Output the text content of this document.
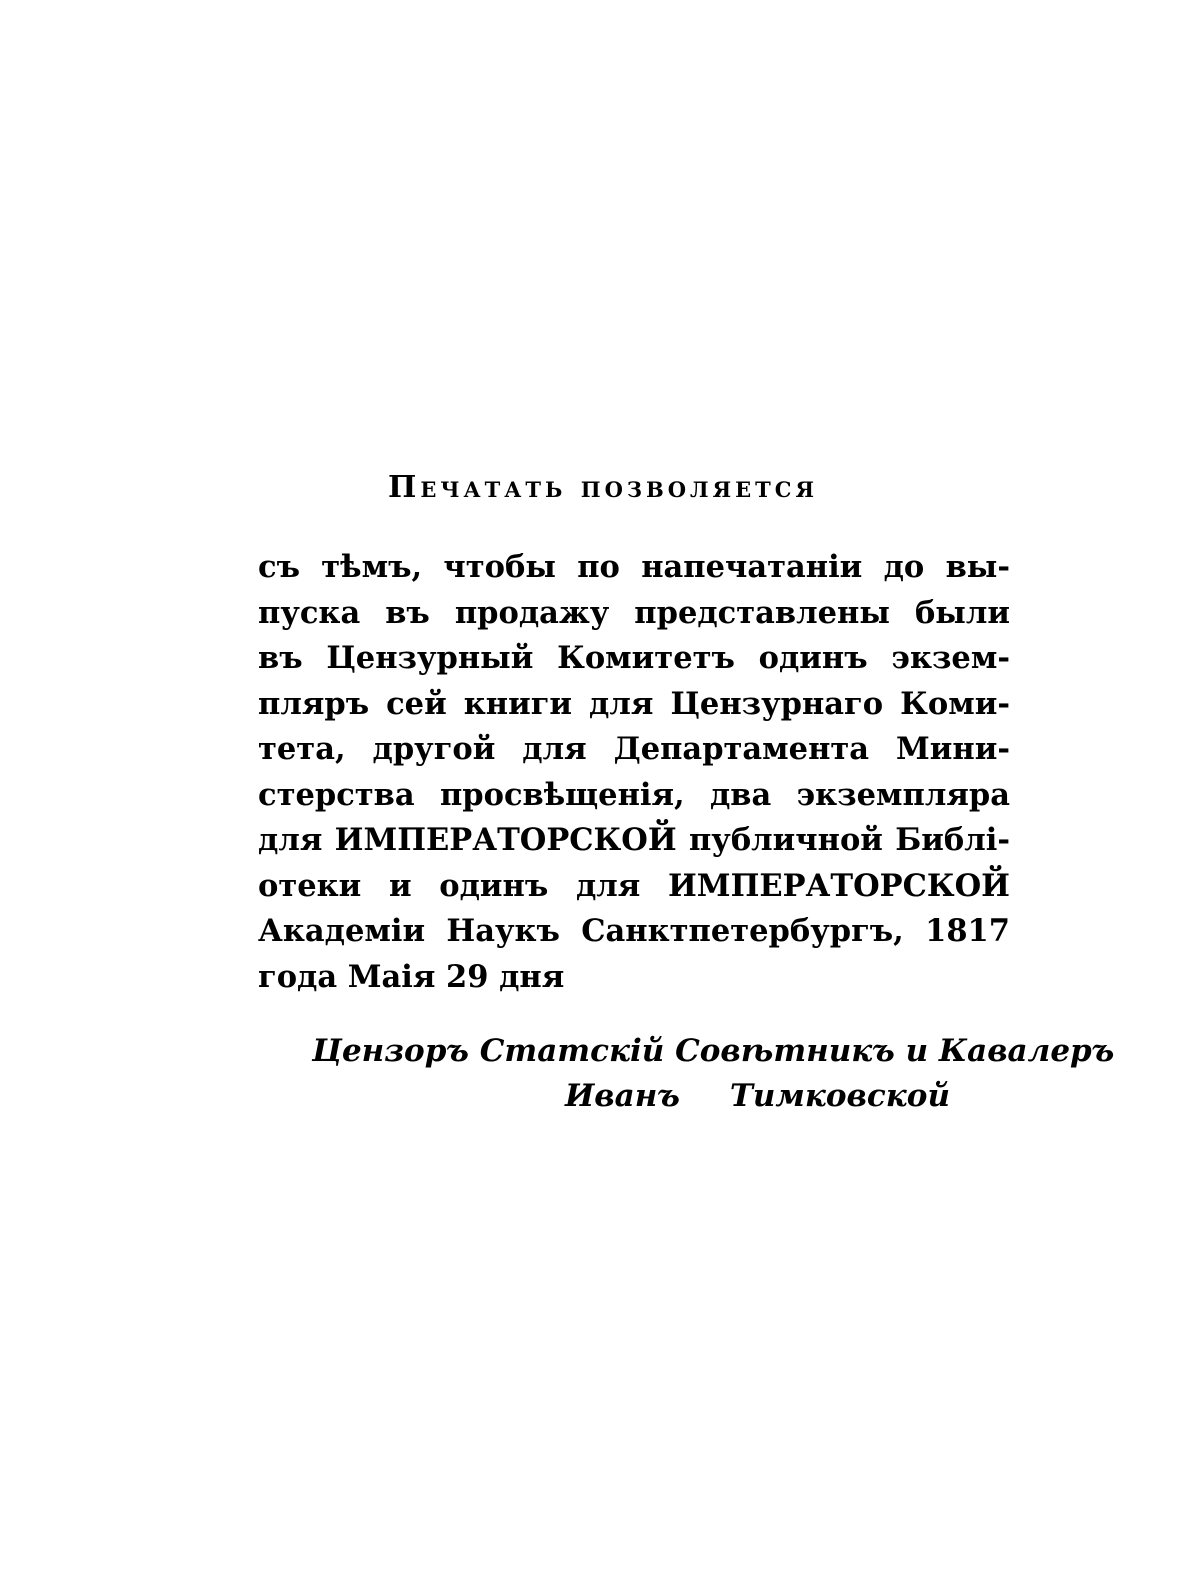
Печатать позволяется
съ тѣмъ, чтобы по напечатаніи до вы-
пуска въ продажу представлены были
въ Цензурный Комитетъ одинъ экзем-
пляръ сей книги для Цензурнаго Коми-
тета, другой для Департамента Мини-
стерства просвѣщенія, два экземпляра
для ИМПЕРАТОРСКОЙ публичной Библі-
отеки и одинъ для ИМПЕРАТОРСКОЙ
Академіи Наукъ Санктпетербургъ, 1817
года Маія 29 дня
Цензоръ Статскій Совѣтникъ и Кавалеръ
Иванъ Тимковской
